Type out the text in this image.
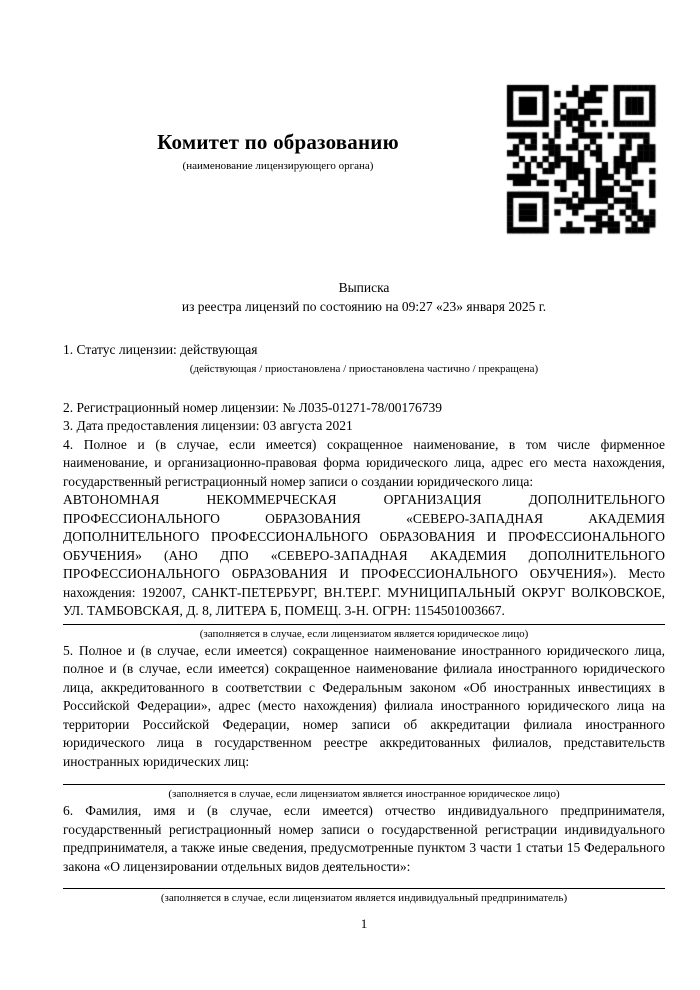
Комитет по образованию
(наименование лицензирующего органа)
Выписка
из реестра лицензий по состоянию на 09:27 «23» января 2025 г.

1. Статус лицензии: действующая

(действующая / приостановлена / приостановлена частично / прекращена)

2. Регистрационный номер лицензии: № Л035-01271-78/00176739

3. Дата предоставления лицензии: 03 августа 2021

4. Полное и (в случае, если имеется) сокращенное наименование, в том числе фирменное наименование, и организационно-правовая форма юридического лица, адрес его места нахождения, государственный регистрационный номер записи о создании юридического лица:

АВТОНОМНАЯ НЕКОММЕРЧЕСКАЯ ОРГАНИЗАЦИЯ ДОПОЛНИТЕЛЬНОГО ПРОФЕССИОНАЛЬНОГО ОБРАЗОВАНИЯ «СЕВЕРО-ЗАПАДНАЯ АКАДЕМИЯ ДОПОЛНИТЕЛЬНОГО ПРОФЕССИОНАЛЬНОГО ОБРАЗОВАНИЯ И ПРОФЕССИОНАЛЬНОГО ОБУЧЕНИЯ» (АНО ДПО «СЕВЕРО-ЗАПАДНАЯ АКАДЕМИЯ ДОПОЛНИТЕЛЬНОГО ПРОФЕССИОНАЛЬНОГО ОБРАЗОВАНИЯ И ПРОФЕССИОНАЛЬНОГО ОБУЧЕНИЯ»). Место нахождения: 192007, САНКТ-ПЕТЕРБУРГ, ВН.ТЕР.Г. МУНИЦИПАЛЬНЫЙ ОКРУГ ВОЛКОВСКОЕ, УЛ. ТАМБОВСКАЯ, Д. 8, ЛИТЕРА Б, ПОМЕЩ. 3-Н. ОГРН: 1154501003667.

(заполняется в случае, если лицензиатом является юридическое лицо)

5. Полное и (в случае, если имеется) сокращенное наименование иностранного юридического лица, полное и (в случае, если имеется) сокращенное наименование филиала иностранного юридического лица, аккредитованного в соответствии с Федеральным законом «Об иностранных инвестициях в Российской Федерации», адрес (место нахождения) филиала иностранного юридического лица на территории Российской Федерации, номер записи об аккредитации филиала иностранного юридического лица в государственном реестре аккредитованных филиалов, представительств иностранных юридических лиц:

(заполняется в случае, если лицензиатом является иностранное юридическое лицо)

6. Фамилия, имя и (в случае, если имеется) отчество индивидуального предпринимателя, государственный регистрационный номер записи о государственной регистрации индивидуального предпринимателя, а также иные сведения, предусмотренные пунктом 3 части 1 статьи 15 Федерального закона «О лицензировании отдельных видов деятельности»:

(заполняется в случае, если лицензиатом является индивидуальный предприниматель)
1
